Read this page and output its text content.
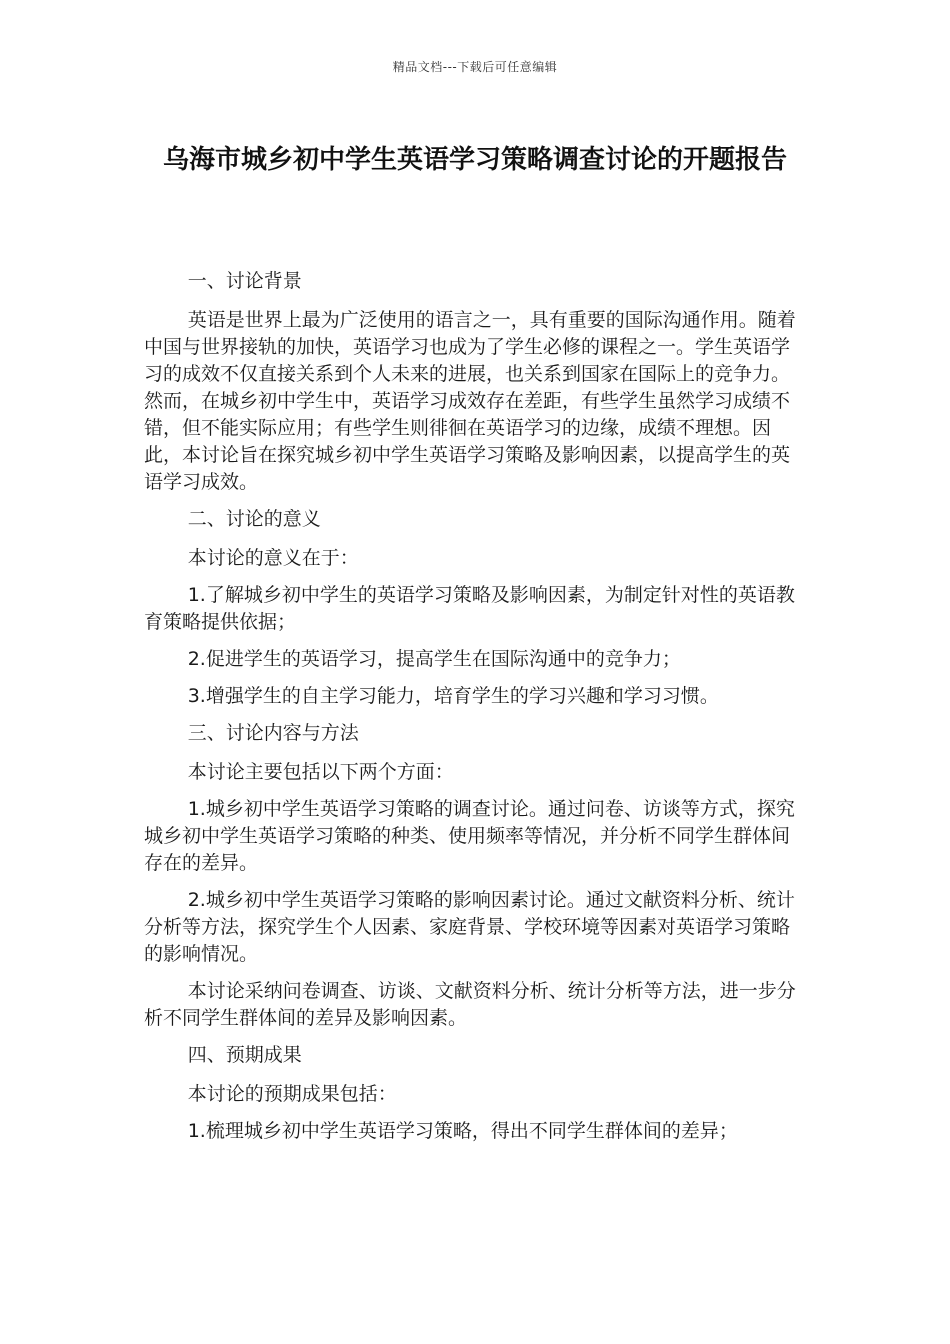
精品文档---下载后可任意编辑
乌海市城乡初中学生英语学习策略调查讨论的开题报告

一、讨论背景

英语是世界上最为广泛使用的语言之一，具有重要的国际沟通作用。随着中国与世界接轨的加快，英语学习也成为了学生必修的课程之一。学生英语学习的成效不仅直接关系到个人未来的进展，也关系到国家在国际上的竞争力。然而，在城乡初中学生中，英语学习成效存在差距，有些学生虽然学习成绩不错，但不能实际应用；有些学生则徘徊在英语学习的边缘，成绩不理想。因此，本讨论旨在探究城乡初中学生英语学习策略及影响因素，以提高学生的英语学习成效。

二、讨论的意义

本讨论的意义在于：

1.了解城乡初中学生的英语学习策略及影响因素，为制定针对性的英语教育策略提供依据；

2.促进学生的英语学习，提高学生在国际沟通中的竞争力；

3.增强学生的自主学习能力，培育学生的学习兴趣和学习习惯。

三、讨论内容与方法

本讨论主要包括以下两个方面：

1.城乡初中学生英语学习策略的调查讨论。通过问卷、访谈等方式，探究城乡初中学生英语学习策略的种类、使用频率等情况，并分析不同学生群体间存在的差异。

2.城乡初中学生英语学习策略的影响因素讨论。通过文献资料分析、统计分析等方法，探究学生个人因素、家庭背景、学校环境等因素对英语学习策略的影响情况。

本讨论采纳问卷调查、访谈、文献资料分析、统计分析等方法，进一步分析不同学生群体间的差异及影响因素。

四、预期成果

本讨论的预期成果包括：

1.梳理城乡初中学生英语学习策略，得出不同学生群体间的差异；
